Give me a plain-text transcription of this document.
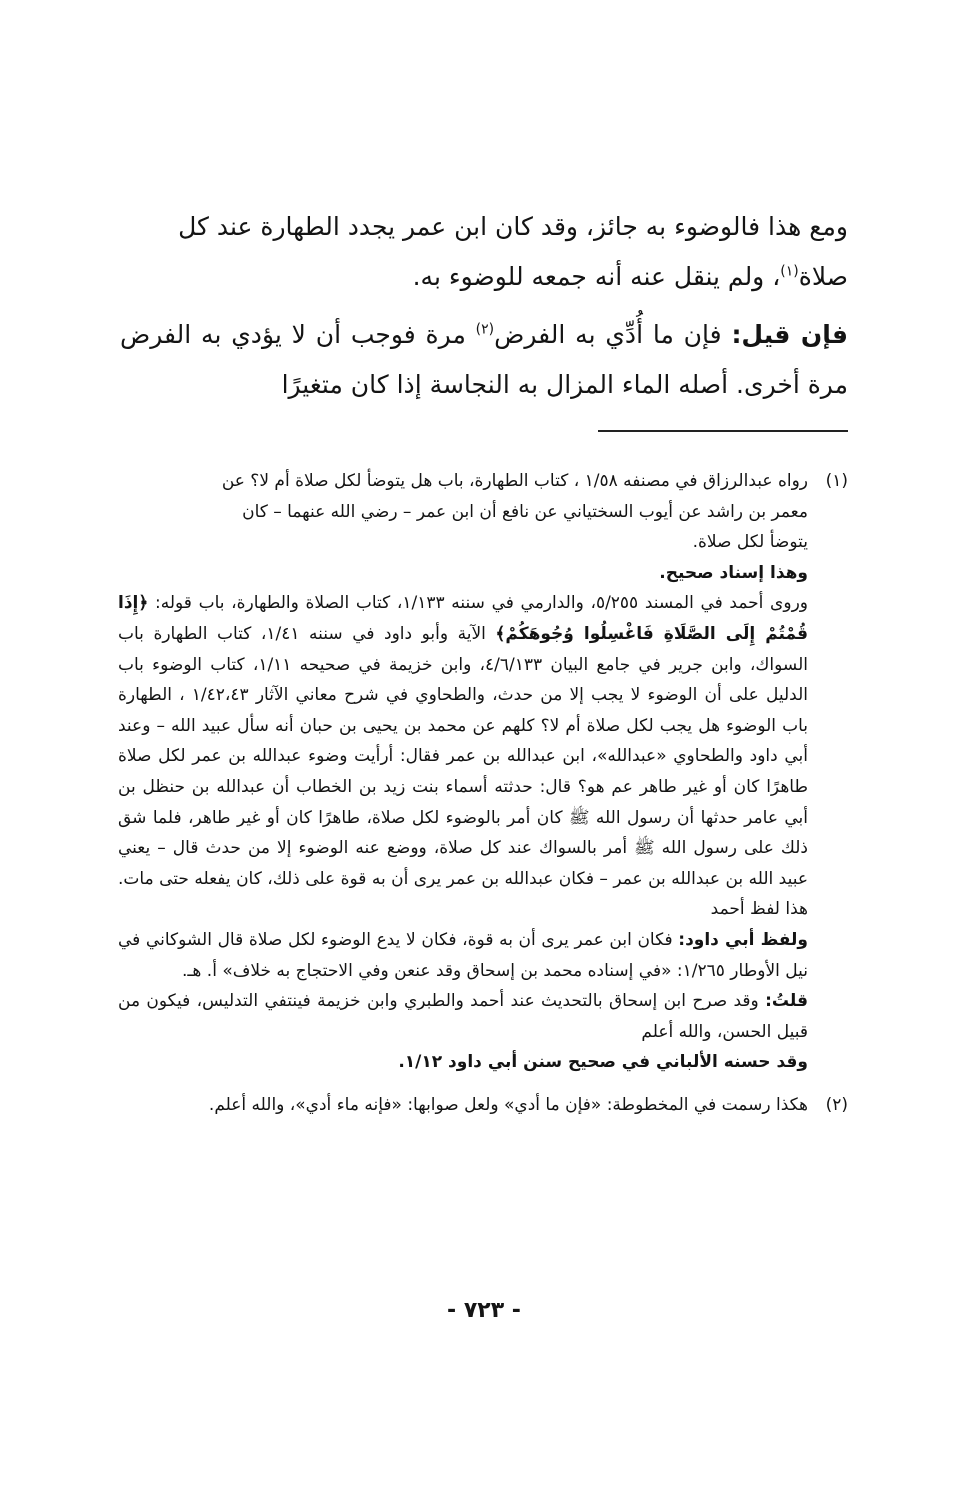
ومع هذا فالوضوء به جائز، وقد كان ابن عمر يجدد الطهارة عند كل
صلاة$^{(١)}$، ولم ينقل عنه أنه جمعه للوضوء به.

فإن قيل: فإن ما أُدِّي به الفرض$^{(٢)}$ مرة فوجب أن لا يؤدي به الفرض مرة أخرى. أصله الماء المزال به النجاسة إذا كان متغيرًا

(١)

رواه عبدالرزاق في مصنفه ١/٥٨ ، كتاب الطهارة، باب هل يتوضأ لكل صلاة أم لا؟ عن

معمر بن راشد عن أيوب السختياني عن نافع أن ابن عمر – رضي الله عنهما – كان

يتوضأ لكل صلاة.

وهذا إسناد صحيح.

وروى أحمد في المسند ٥/٢٥٥، والدارمي في سننه ١/١٣٣، كتاب الصلاة والطهارة، باب قوله: ﴿إِذَا قُمْتُمْ إِلَى الصَّلَاةِ فَاغْسِلُوا وُجُوهَكُمْ﴾ الآية وأبو داود في سننه ١/٤١، كتاب الطهارة باب السواك، وابن جرير في جامع البيان ٤/٦/١٣٣، وابن خزيمة في صحيحه ١/١١، كتاب الوضوء باب الدليل على أن الوضوء لا يجب إلا من حدث، والطحاوي في شرح معاني الآثار ١/٤٢،٤٣ ، الطهارة باب الوضوء هل يجب لكل صلاة أم لا؟ كلهم عن محمد بن يحيى بن حبان أنه سأل عبيد الله – وعند أبي داود والطحاوي «عبدالله»، ابن عبدالله بن عمر فقال: أرأيت وضوء عبدالله بن عمر لكل صلاة طاهرًا كان أو غير طاهر عم هو؟ قال: حدثته أسماء بنت زيد بن الخطاب أن عبدالله بن حنظل بن أبي عامر حدثها أن رسول الله ﷺ كان أمر بالوضوء لكل صلاة، طاهرًا كان أو غير طاهر، فلما شق ذلك على رسول الله ﷺ أمر بالسواك عند كل صلاة، ووضع عنه الوضوء إلا من حدث قال – يعني عبيد الله بن عبدالله بن عمر – فكان عبدالله بن عمر يرى أن به قوة على ذلك، كان يفعله حتى مات. هذا لفظ أحمد

ولفظ أبي داود: فكان ابن عمر يرى أن به قوة، فكان لا يدع الوضوء لكل صلاة قال الشوكاني في نيل الأوطار ١/٢٦٥: «في إسناده محمد بن إسحاق وقد عنعن وفي الاحتجاج به خلاف» أ. هـ.

قلتُ: وقد صرح ابن إسحاق بالتحديث عند أحمد والطبري وابن خزيمة فينتفي التدليس، فيكون من قبيل الحسن، والله أعلم

وقد حسنه الألباني في صحيح سنن أبي داود ١/١٢.

(٢)

هكذا رسمت في المخطوطة: «فإن ما أدي» ولعل صوابها: «فإنه ماء أدي»، والله أعلم.

- ٧٢٣ -
